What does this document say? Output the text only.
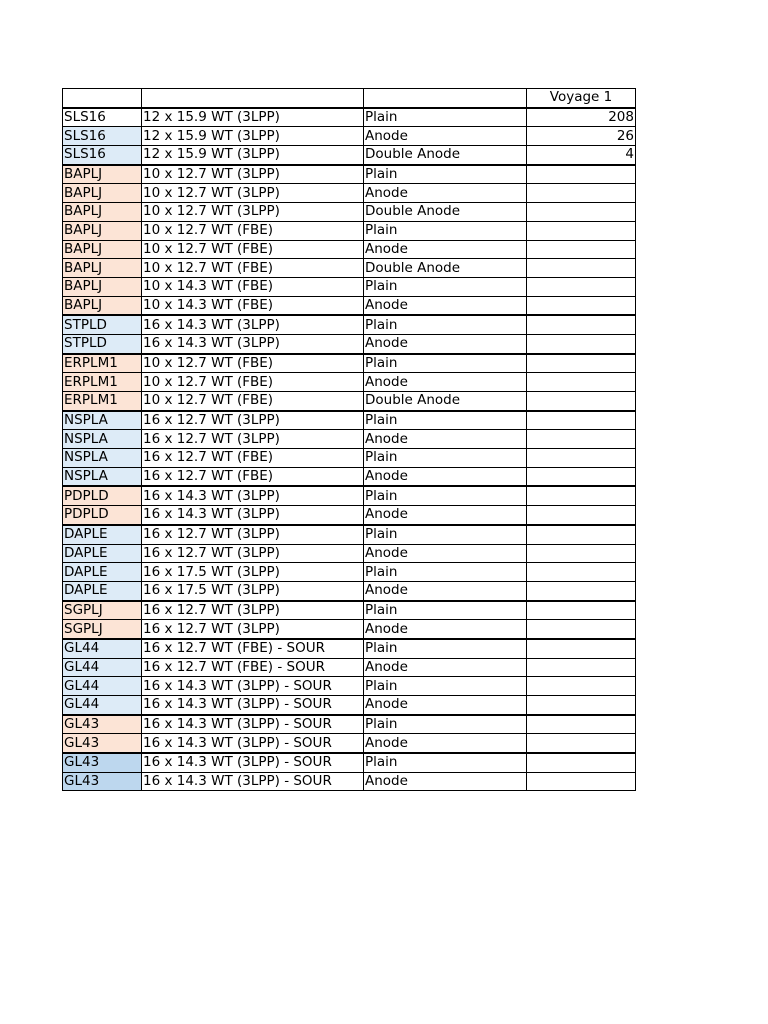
			Voyage 1
SLS16	12 x 15.9 WT (3LPP)	Plain	208
SLS16	12 x 15.9 WT (3LPP)	Anode	26
SLS16	12 x 15.9 WT (3LPP)	Double Anode	4
BAPLJ	10 x 12.7 WT (3LPP)	Plain	
BAPLJ	10 x 12.7 WT (3LPP)	Anode	
BAPLJ	10 x 12.7 WT (3LPP)	Double Anode	
BAPLJ	10 x 12.7 WT (FBE)	Plain	
BAPLJ	10 x 12.7 WT (FBE)	Anode	
BAPLJ	10 x 12.7 WT (FBE)	Double Anode	
BAPLJ	10 x 14.3 WT (FBE)	Plain	
BAPLJ	10 x 14.3 WT (FBE)	Anode	
STPLD	16 x 14.3 WT (3LPP)	Plain	
STPLD	16 x 14.3 WT (3LPP)	Anode	
ERPLM1	10 x 12.7 WT (FBE)	Plain	
ERPLM1	10 x 12.7 WT (FBE)	Anode	
ERPLM1	10 x 12.7 WT (FBE)	Double Anode	
NSPLA	16 x 12.7 WT (3LPP)	Plain	
NSPLA	16 x 12.7 WT (3LPP)	Anode	
NSPLA	16 x 12.7 WT (FBE)	Plain	
NSPLA	16 x 12.7 WT (FBE)	Anode	
PDPLD	16 x 14.3 WT (3LPP)	Plain	
PDPLD	16 x 14.3 WT (3LPP)	Anode	
DAPLE	16 x 12.7 WT (3LPP)	Plain	
DAPLE	16 x 12.7 WT (3LPP)	Anode	
DAPLE	16 x 17.5 WT (3LPP)	Plain	
DAPLE	16 x 17.5 WT (3LPP)	Anode	
SGPLJ	16 x 12.7 WT (3LPP)	Plain	
SGPLJ	16 x 12.7 WT (3LPP)	Anode	
GL44	16 x 12.7 WT (FBE) - SOUR	Plain	
GL44	16 x 12.7 WT (FBE) - SOUR	Anode	
GL44	16 x 14.3 WT (3LPP) - SOUR	Plain	
GL44	16 x 14.3 WT (3LPP) - SOUR	Anode	
GL43	16 x 14.3 WT (3LPP) - SOUR	Plain	
GL43	16 x 14.3 WT (3LPP) - SOUR	Anode	
GL43	16 x 14.3 WT (3LPP) - SOUR	Plain	
GL43	16 x 14.3 WT (3LPP) - SOUR	Anode	
